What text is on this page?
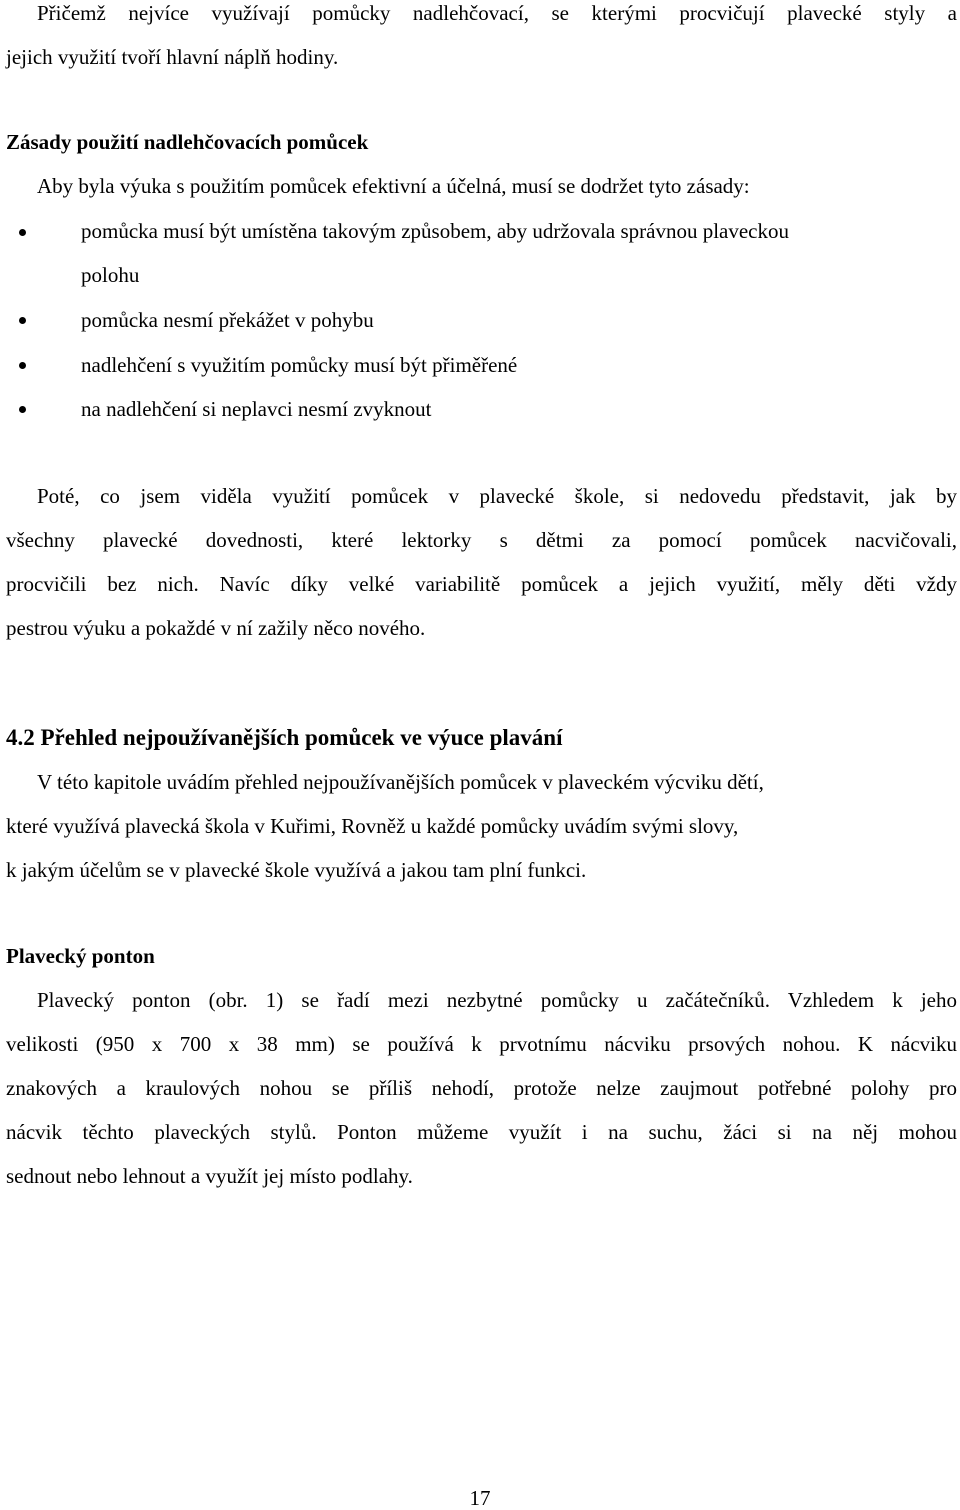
Přičemž nejvíce využívají pomůcky nadlehčovací, se kterými procvičují plavecké styly a
jejich využití tvoří hlavní náplň hodiny.
Zásady použití nadlehčovacích pomůcek
Aby byla výuka s použitím pomůcek efektivní a účelná, musí se dodržet tyto zásady:
pomůcka musí být umístěna takovým způsobem, aby udržovala správnou plaveckou
polohu
pomůcka nesmí překážet v pohybu
nadlehčení s využitím pomůcky musí být přiměřené
na nadlehčení si neplavci nesmí zvyknout
Poté, co jsem viděla využití pomůcek v plavecké škole, si nedovedu představit, jak by
všechny plavecké dovednosti, které lektorky s dětmi za pomocí pomůcek nacvičovali,
procvičili bez nich. Navíc díky velké variabilitě pomůcek a jejich využití, měly děti vždy
pestrou výuku a pokaždé v ní zažily něco nového.
4.2 Přehled nejpoužívanějších pomůcek ve výuce plavání
V této kapitole uvádím přehled nejpoužívanějších pomůcek v plaveckém výcviku dětí,
které využívá plavecká škola v Kuřimi, Rovněž u každé pomůcky uvádím svými slovy,
k jakým účelům se v plavecké škole využívá a jakou tam plní funkci.
Plavecký ponton
Plavecký ponton (obr. 1) se řadí mezi nezbytné pomůcky u začátečníků. Vzhledem k jeho
velikosti (950 x 700 x 38 mm) se používá k prvotnímu nácviku prsových nohou. K nácviku
znakových a kraulových nohou se příliš nehodí, protože nelze zaujmout potřebné polohy pro
nácvik těchto plaveckých stylů. Ponton můžeme využít i na suchu, žáci si na něj mohou
sednout nebo lehnout a využít jej místo podlahy.
17
